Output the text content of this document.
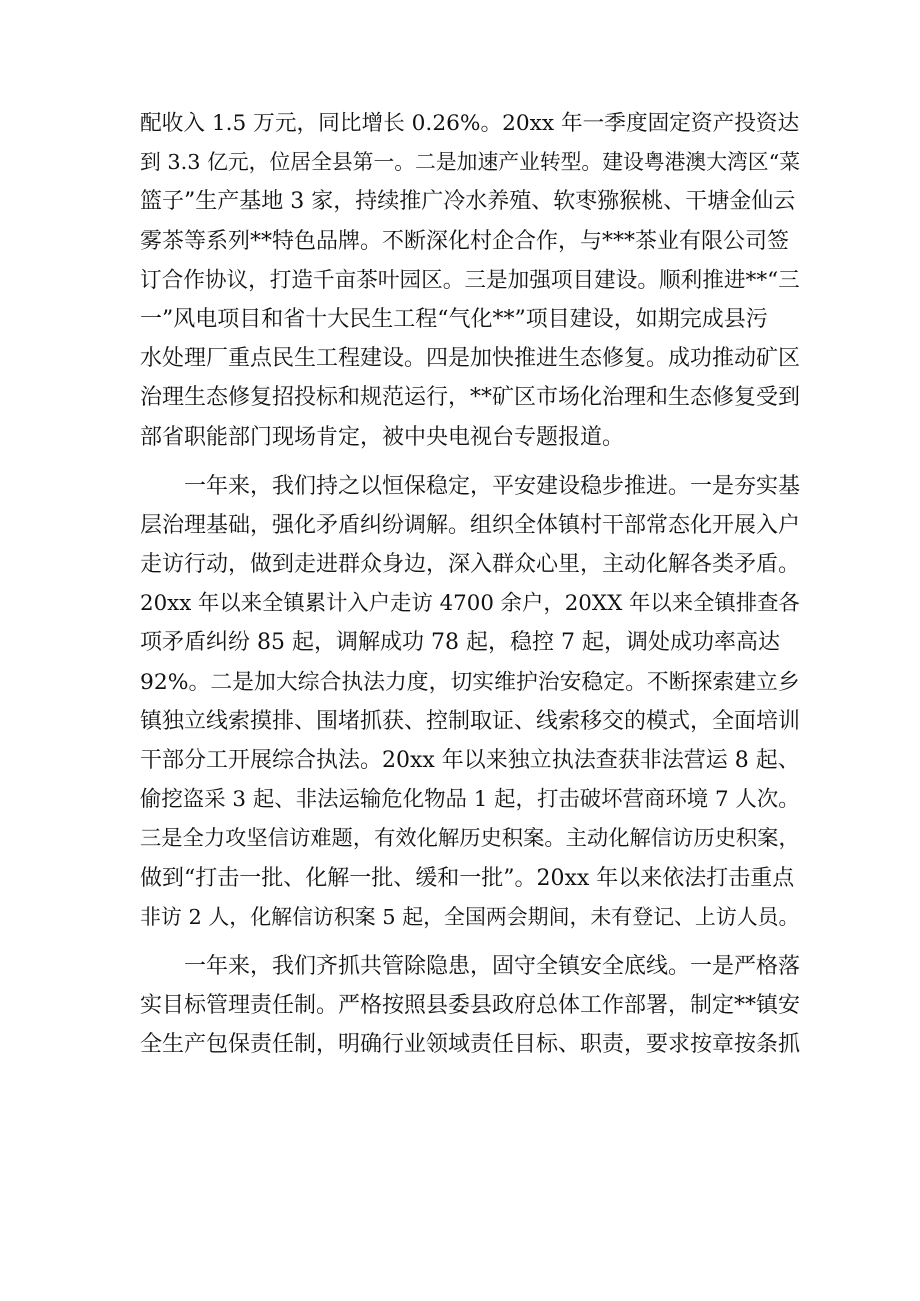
配收入 1.5 万元，同比增长 0.26%。20xx 年一季度固定资产投资达
到 3.3 亿元，位居全县第一。二是加速产业转型。建设粤港澳大湾区“菜
篮子”生产基地 3 家，持续推广冷水养殖、软枣猕猴桃、干塘金仙云
雾茶等系列**特色品牌。不断深化村企合作，与***茶业有限公司签
订合作协议，打造千亩茶叶园区。三是加强项目建设。顺利推进**“三
一”风电项目和省十大民生工程“气化**”项目建设，如期完成县污
水处理厂重点民生工程建设。四是加快推进生态修复。成功推动矿区
治理生态修复招投标和规范运行，**矿区市场化治理和生态修复受到
部省职能部门现场肯定，被中央电视台专题报道。

一年来，我们持之以恒保稳定，平安建设稳步推进。一是夯实基
层治理基础，强化矛盾纠纷调解。组织全体镇村干部常态化开展入户
走访行动，做到走进群众身边，深入群众心里，主动化解各类矛盾。
20xx 年以来全镇累计入户走访 4700 余户，20XX 年以来全镇排查各
项矛盾纠纷 85 起，调解成功 78 起，稳控 7 起，调处成功率高达
92%。二是加大综合执法力度，切实维护治安稳定。不断探索建立乡
镇独立线索摸排、围堵抓获、控制取证、线索移交的模式，全面培训
干部分工开展综合执法。20xx 年以来独立执法查获非法营运 8 起、
偷挖盗采 3 起、非法运输危化物品 1 起，打击破坏营商环境 7 人次。
三是全力攻坚信访难题，有效化解历史积案。主动化解信访历史积案，
做到“打击一批、化解一批、缓和一批”。20xx 年以来依法打击重点
非访 2 人，化解信访积案 5 起，全国两会期间，未有登记、上访人员。

一年来，我们齐抓共管除隐患，固守全镇安全底线。一是严格落
实目标管理责任制。严格按照县委县政府总体工作部署，制定**镇安
全生产包保责任制，明确行业领域责任目标、职责，要求按章按条抓
